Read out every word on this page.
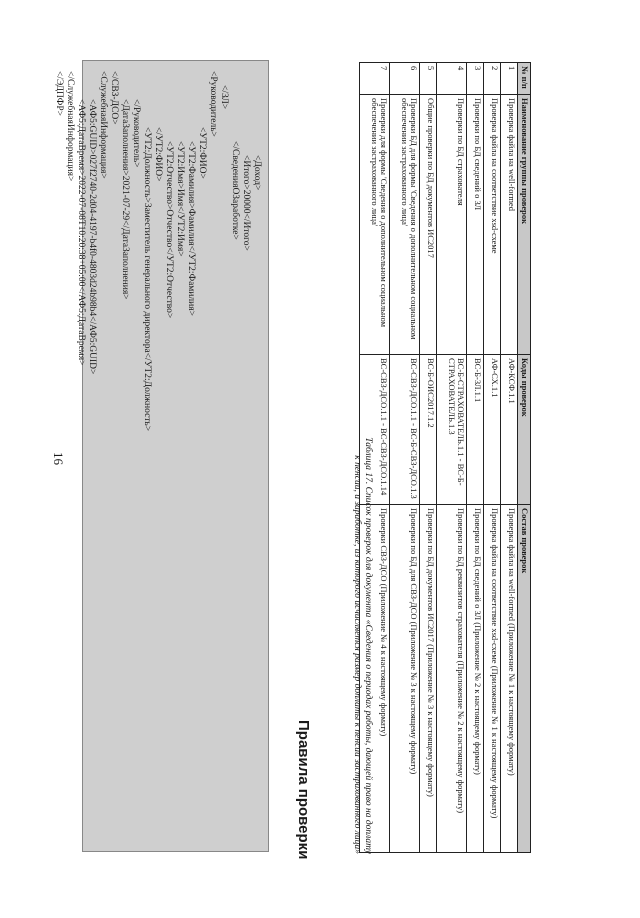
16
<Доход>
<Итого>20000</Итого>
</СведенияОЗаработке>
</ЗЛ>
<Руководитель>
<УТ2:ФИО>
<УТ2:Фамилия>Фамилия</УТ2:Фамилия>
<УТ2:Имя>Имя</УТ2:Имя>
<УТ2:Отчество>Отчество</УТ2:Отчество>
</УТ2:ФИО>
<УТ2:Должность>Заместитель генерального директора</УТ2:Должность>
</Руководитель>
<ДатаЗаполнения>2021-07-29</ДатаЗаполнения>
</СВЗ-ДСО>
<СлужебнаяИнформация>
<АФ5:GUID>027f2740-2d04-4197-b4f0-4803d24b98b4</АФ5:GUID>
<АФ5:ДатаВремя>2022-07-08T10:20:38+05:00</АФ5:ДатаВремя>
</СлужебнаяИнформация>
</ЭДПФР>
Правила проверки	Таблица 17. Список проверок для документа «Сведения о периодах работы, дающей право на доплату
к пенсии, и заработке, из которого исчисляется размер доплаты к пенсии застрахованного лица»
№ п/п	Наименование группы проверок	Коды проверок	Состав проверок
1	Проверка файла на well-formed	АФ-КСФ.1.1	Проверка файла на well-formed (Приложение № 1 к настоящему формату)
2	Проверка файла на соответствие xsd-схеме	АФ-СХ.1.1	Проверка файла на соответствие xsd-схеме (Приложение № 1 к настоящему формату)
3	Проверки по БД сведений о ЗЛ	ВС-Б-ЗЛ.1.1	Проверки по БД сведений о ЗЛ (Приложение № 2 к настоящему формату)
4	Проверки по БД страхователя	ВС-Б-СТРАХОВАТЕЛЬ.1.1 - ВС-Б-СТРАХОВАТЕЛЬ.1.3	Проверки по БД реквизитов страхователя (Приложение № 2 к настоящему формату)
5	Общие проверки по БД документов ИС2017	ВС-Б-ОИС2017.1.2	Проверки по БД документов ИС2017 (Приложение № 3 к настоящему формату)
6	Проверки БД для формы 'Сведения о дополнительном социальном обеспечении застрахованного лица'	ВС-СВЗ-ДСО.1.1 - ВС-Б-СВЗ-ДСО.1.3	Проверки по БД для СВЗ-ДСО (Приложение № 3 к настоящему формату)
7	Проверки для формы 'Сведения о дополнительном социальном обеспечении застрахованного лица'	ВС-СВЗ-ДСО.1.1 - ВС-СВЗ-ДСО.1.14	Проверки СВЗ-ДСО (Приложение № 4 к настоящему формату)
